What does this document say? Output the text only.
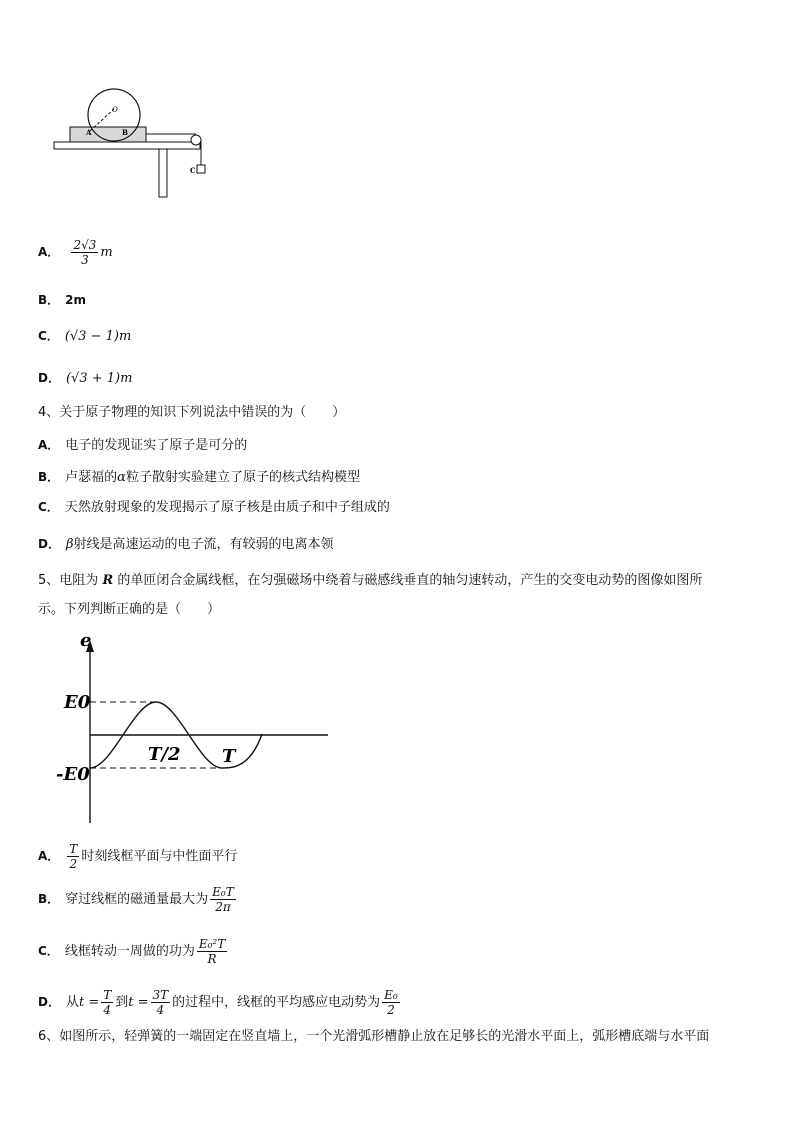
O
A	B
C
A． $\frac{2√3}{3}$ m
B． 2m
C． (√3 − 1)m
D． (√3 + 1)m
4、关于原子物理的知识下列说法中错误的为（　　）
A． 电子的发现证实了原子是可分的
B． 卢瑟福的α粒子散射实验建立了原子的核式结构模型
C． 天然放射现象的发现揭示了原子核是由质子和中子组成的
D． β射线是高速运动的电子流，有较弱的电离本领
5、电阻为 R 的单匝闭合金属线框，在匀强磁场中绕着与磁感线垂直的轴匀速转动，产生的交变电动势的图像如图所
示。下列判断正确的是（　　）
e
E0
-E0
T/2 T
A． $\frac{T}{2}$ 时刻线框平面与中性面平行
B． 穿过线框的磁通量最大为 $\frac{\text{E₀T}}{2\pi}$
C． 线框转动一周做的功为 $\frac{\text{E₀²T}}{R}$
D． 从$t = \frac{T}{4}$ 到$t = \frac{3T}{4}$ 的过程中，线框的平均感应电动势为 $\frac{\text{E₀}}{2}$
6、如图所示，轻弹簧的一端固定在竖直墙上，一个光滑弧形槽静止放在足够长的光滑水平面上，弧形槽底端与水平面
